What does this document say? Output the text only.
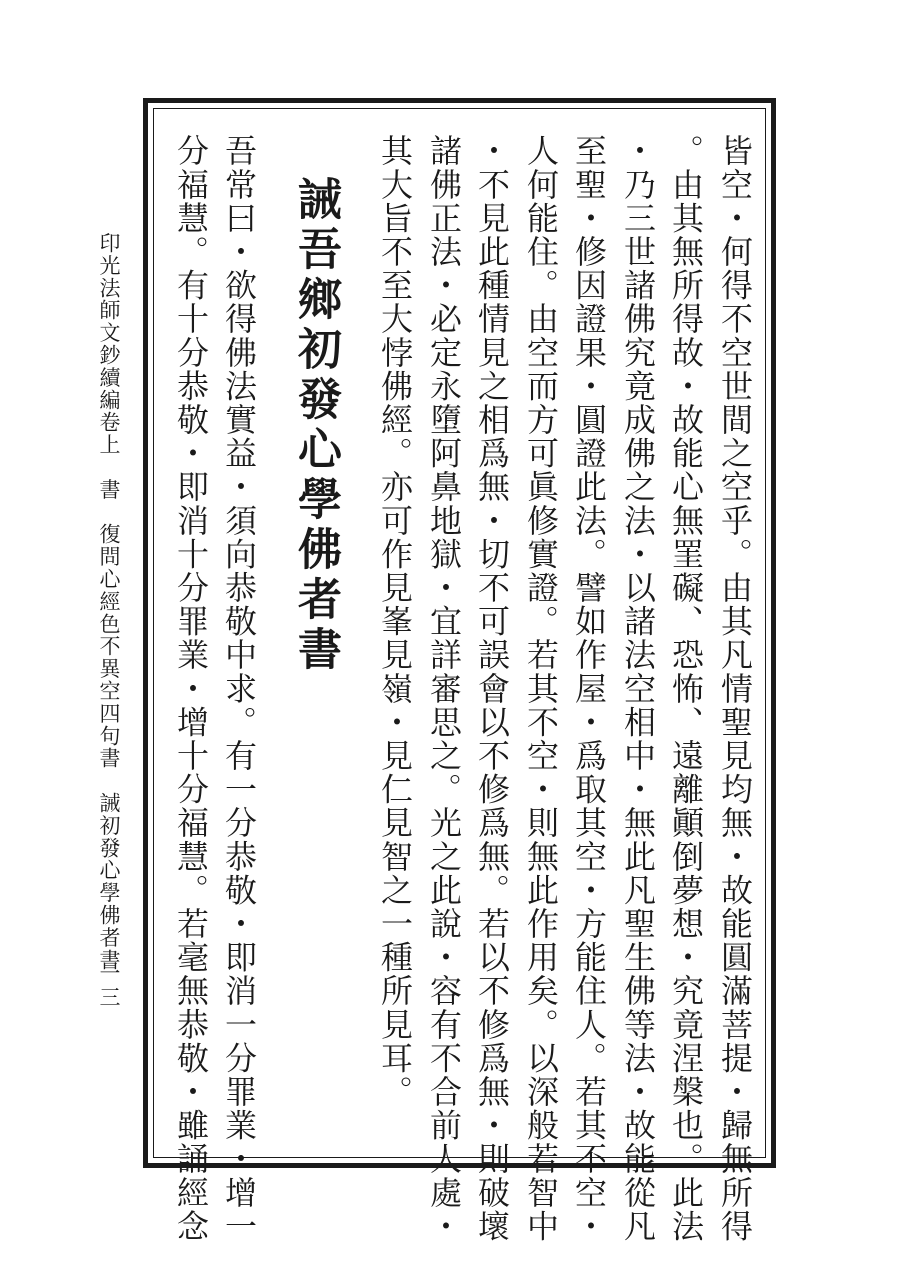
皆空・何得不空世間之空乎。由其凡情聖見均無・故能圓滿菩提・歸無所得
。由其無所得故・故能心無罣礙、恐怖、遠離顚倒夢想・究竟涅槃也。此法
・乃三世諸佛究竟成佛之法・以諸法空相中・無此凡聖生佛等法・故能從凡
至聖・修因證果・圓證此法。譬如作屋・爲取其空・方能住人。若其不空・
人何能住。由空而方可眞修實證。若其不空・則無此作用矣。以深般若智中
・不見此種情見之相爲無・切不可誤會以不修爲無。若以不修爲無・則破壞
諸佛正法・必定永墮阿鼻地獄・宜詳審思之。光之此說・容有不合前人處・
其大旨不至大悖佛經。亦可作見峯見嶺・見仁見智之一種所見耳。
誡吾鄉初發心學佛者書
吾常曰・欲得佛法實益・須向恭敬中求。有一分恭敬・即消一分罪業・增一
分福慧。有十分恭敬・即消十分罪業・增十分福慧。若毫無恭敬・雖誦經念
印光法師文鈔續編卷上　書　復問心經色不異空四句書　誡初發心學佛者書
一三
